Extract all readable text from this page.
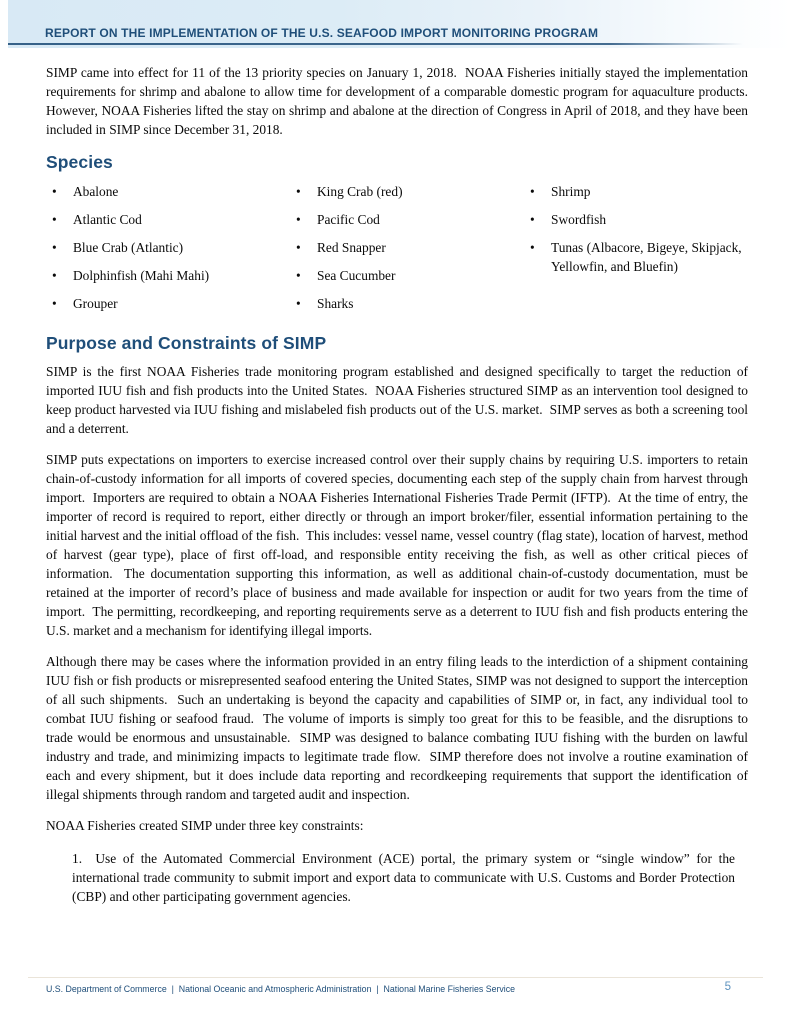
REPORT ON THE IMPLEMENTATION OF THE U.S. SEAFOOD IMPORT MONITORING PROGRAM

SIMP came into effect for 11 of the 13 priority species on January 1, 2018.  NOAA Fisheries initially stayed the implementation requirements for shrimp and abalone to allow time for development of a comparable domestic program for aquaculture products.  However, NOAA Fisheries lifted the stay on shrimp and abalone at the direction of Congress in April of 2018, and they have been included in SIMP since December 31, 2018.

Species
• Abalone
• Atlantic Cod
• Blue Crab (Atlantic)
• Dolphinfish (Mahi Mahi)
• Grouper
• King Crab (red)
• Pacific Cod
• Red Snapper
• Sea Cucumber
• Sharks
• Shrimp
• Swordfish
• Tunas (Albacore, Bigeye, Skipjack, Yellowfin, and Bluefin)
Purpose and Constraints of SIMP

SIMP is the first NOAA Fisheries trade monitoring program established and designed specifically to target the reduction of imported IUU fish and fish products into the United States.  NOAA Fisheries structured SIMP as an intervention tool designed to keep product harvested via IUU fishing and mislabeled fish products out of the U.S. market.  SIMP serves as both a screening tool and a deterrent.

SIMP puts expectations on importers to exercise increased control over their supply chains by requiring U.S. importers to retain chain-of-custody information for all imports of covered species, documenting each step of the supply chain from harvest through import.  Importers are required to obtain a NOAA Fisheries International Fisheries Trade Permit (IFTP).  At the time of entry, the importer of record is required to report, either directly or through an import broker/filer, essential information pertaining to the initial harvest and the initial offload of the fish.  This includes: vessel name, vessel country (flag state), location of harvest, method of harvest (gear type), place of first off-load, and responsible entity receiving the fish, as well as other critical pieces of information.  The documentation supporting this information, as well as additional chain-of-custody documentation, must be retained at the importer of record’s place of business and made available for inspection or audit for two years from the time of import.  The permitting, recordkeeping, and reporting requirements serve as a deterrent to IUU fish and fish products entering the U.S. market and a mechanism for identifying illegal imports.

Although there may be cases where the information provided in an entry filing leads to the interdiction of a shipment containing IUU fish or fish products or misrepresented seafood entering the United States, SIMP was not designed to support the interception of all such shipments.  Such an undertaking is beyond the capacity and capabilities of SIMP or, in fact, any individual tool to combat IUU fishing or seafood fraud.  The volume of imports is simply too great for this to be feasible, and the disruptions to trade would be enormous and unsustainable.  SIMP was designed to balance combating IUU fishing with the burden on lawful industry and trade, and minimizing impacts to legitimate trade flow.  SIMP therefore does not involve a routine examination of each and every shipment, but it does include data reporting and recordkeeping requirements that support the identification of illegal shipments through random and targeted audit and inspection.

NOAA Fisheries created SIMP under three key constraints:

1. Use of the Automated Commercial Environment (ACE) portal, the primary system or “single window” for the international trade community to submit import and export data to communicate with U.S. Customs and Border Protection (CBP) and other participating government agencies.

U.S. Department of Commerce  |  National Oceanic and Atmospheric Administration  |  National Marine Fisheries Service	5
